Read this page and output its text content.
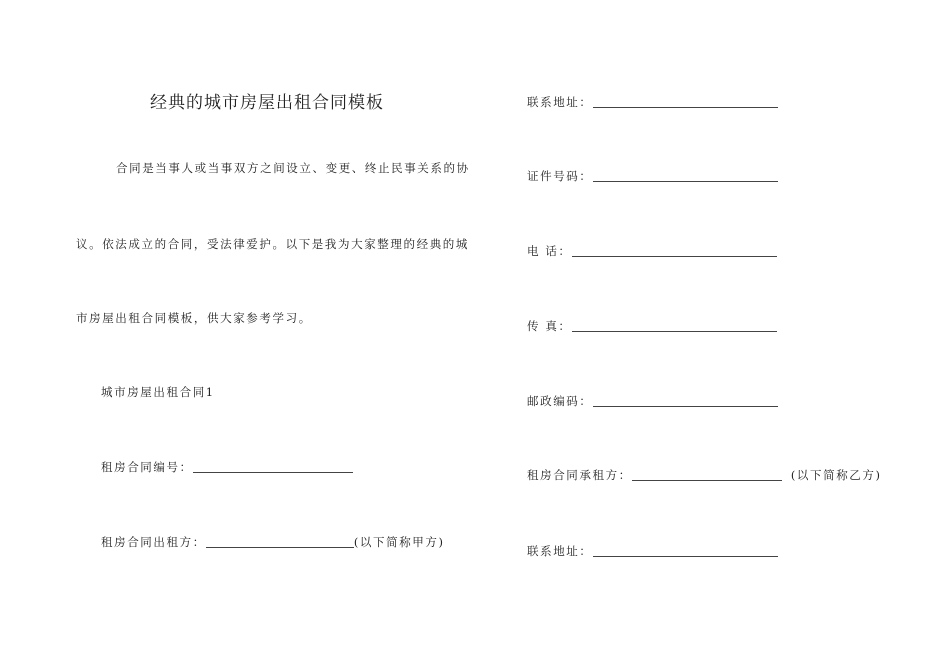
经典的城市房屋出租合同模板
合同是当事人或当事双方之间设立、变更、终止民事关系的协
议。依法成立的合同，受法律爱护。以下是我为大家整理的经典的城
市房屋出租合同模板，供大家参考学习。
城市房屋出租合同1
租房合同编号：
租房合同出租方：	(以下简称甲方)
联系地址：
证件号码：
电 话：
传 真：
邮政编码：
租房合同承租方：	(以下简称乙方)
联系地址：
